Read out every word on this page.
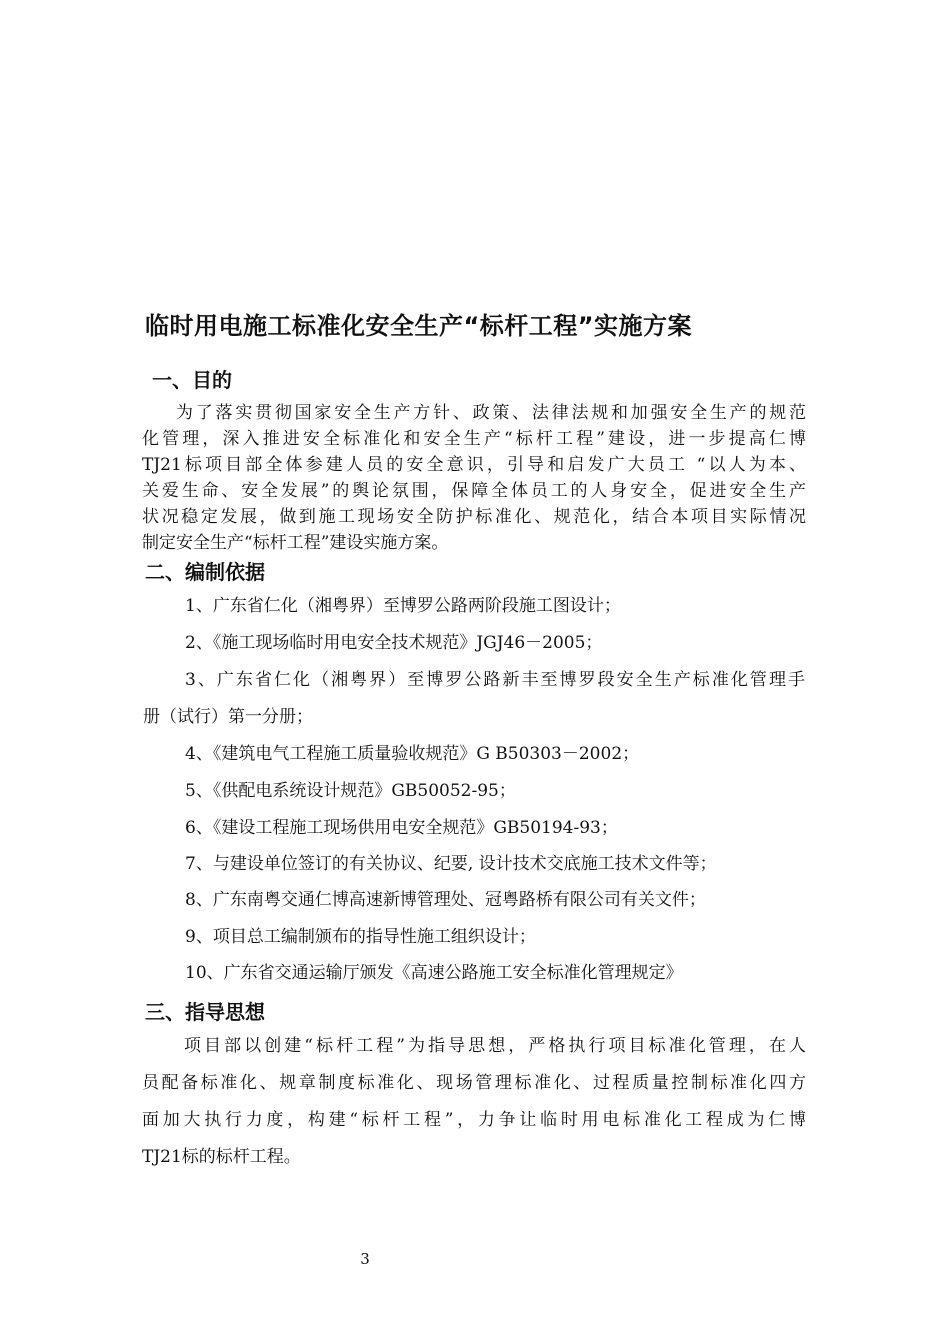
临时用电施工标准化安全生产“标杆工程”实施方案
一、目的
为了落实贯彻国家安全生产方针、政策、法律法规和加强安全生产的规范
化管理，深入推进安全标准化和安全生产“标杆工程”建设，进一步提高仁博
TJ21标项目部全体参建人员的安全意识，引导和启发广大员工 “以人为本、
关爱生命、安全发展”的舆论氛围，保障全体员工的人身安全，促进安全生产
状况稳定发展，做到施工现场安全防护标准化、规范化，结合本项目实际情况
制定安全生产“标杆工程”建设实施方案。
二、编制依据
1、广东省仁化（湘粤界）至博罗公路两阶段施工图设计；
2、《施工现场临时用电安全技术规范》JGJ46－2005；
3、广东省仁化（湘粤界）至博罗公路新丰至博罗段安全生产标准化管理手
册（试行）第一分册；
4、《建筑电气工程施工质量验收规范》G B50303－2002；
5、《供配电系统设计规范》GB50052-95；
6、《建设工程施工现场供用电安全规范》GB50194-93；
7、与建设单位签订的有关协议、纪要, 设计技术交底施工技术文件等；
8、广东南粤交通仁博高速新博管理处、冠粤路桥有限公司有关文件；
9、项目总工编制颁布的指导性施工组织设计；
10、广东省交通运输厅颁发《高速公路施工安全标准化管理规定》
三、指导思想
项目部以创建“标杆工程”为指导思想，严格执行项目标准化管理，在人
员配备标准化、规章制度标准化、现场管理标准化、过程质量控制标准化四方
面加大执行力度，构建“标杆工程”，力争让临时用电标准化工程成为仁博
TJ21标的标杆工程。
3
